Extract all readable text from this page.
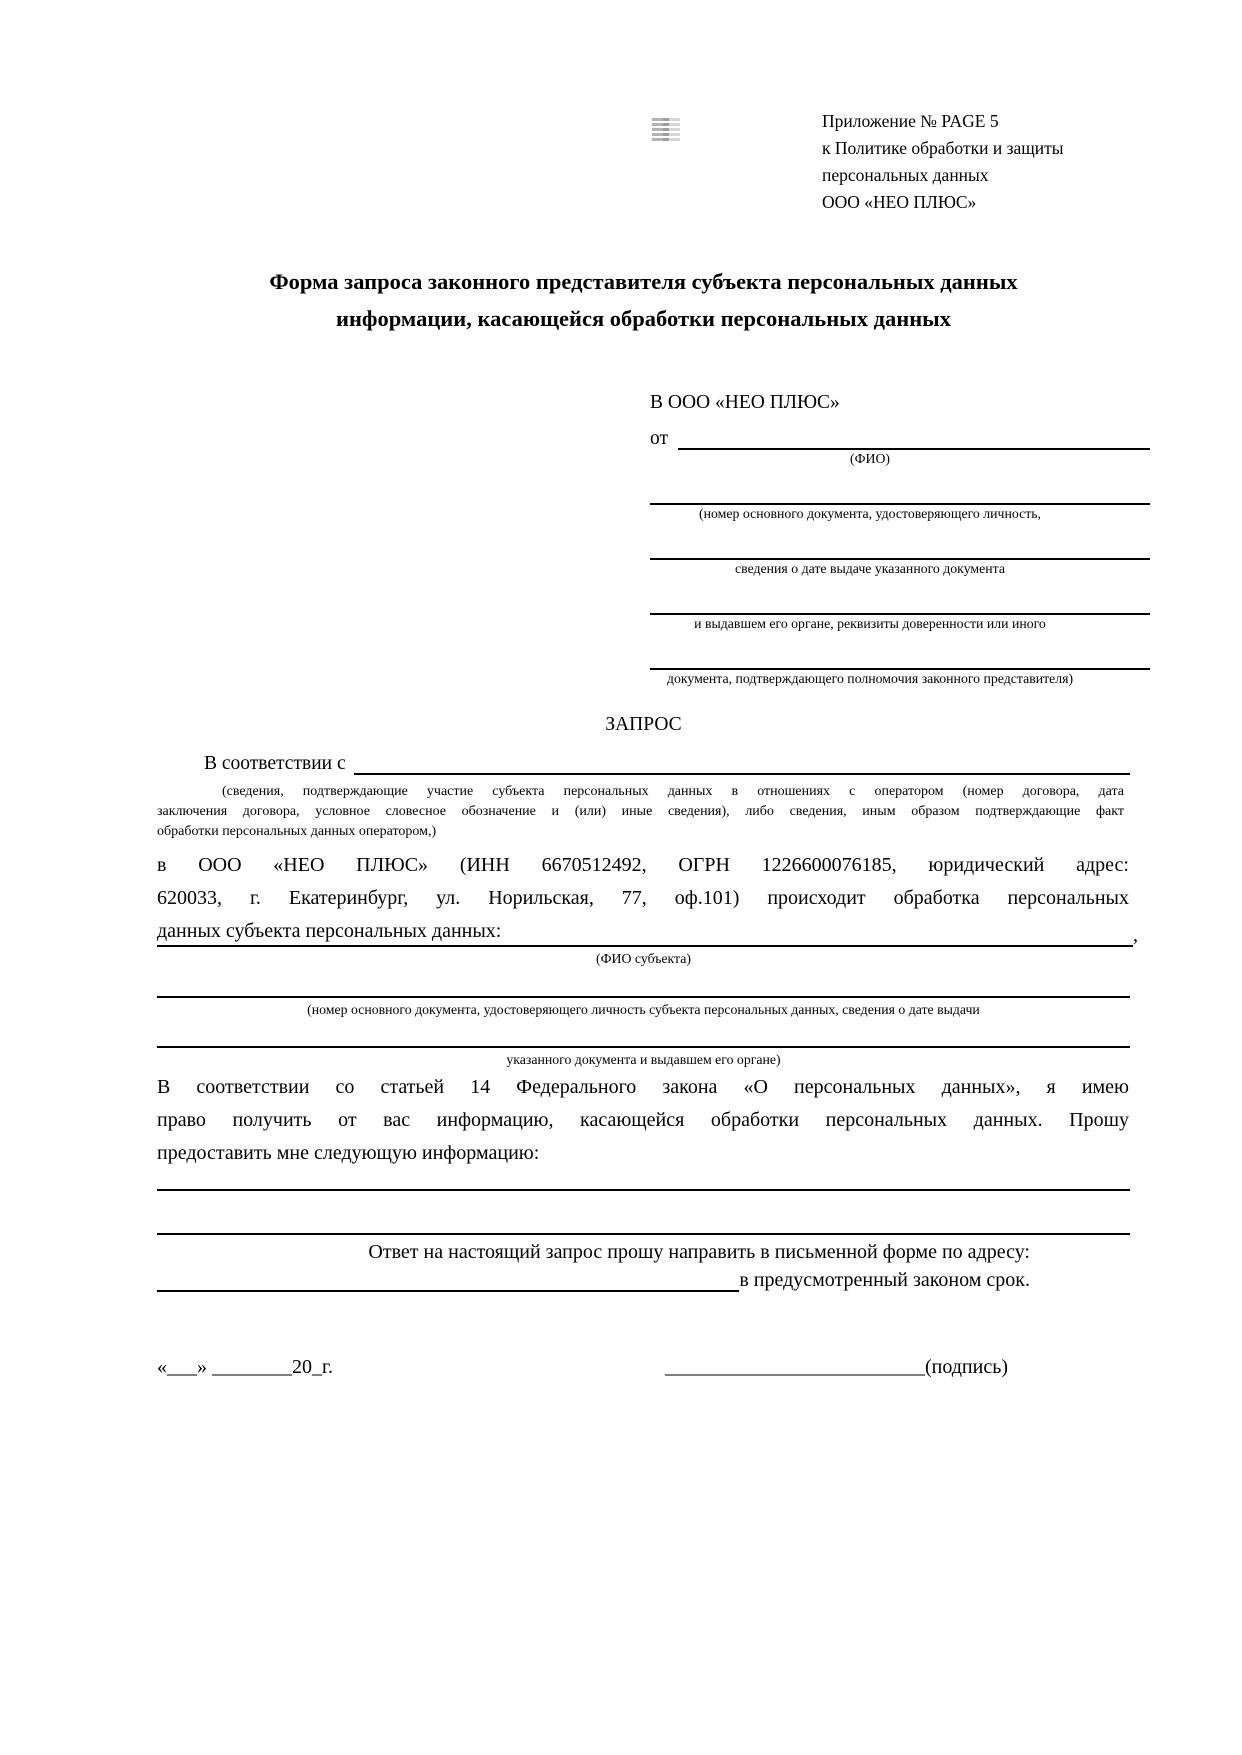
Приложение № PAGE 5
к Политике обработки и защиты
персональных данных
ООО «НЕО ПЛЮС»
Форма запроса законного представителя субъекта персональных данных
информации, касающейся обработки персональных данных
В ООО «НЕО ПЛЮС»
от
(ФИО)
(номер основного документа, удостоверяющего личность,
сведения о дате выдаче указанного документа
и выдавшем его органе, реквизиты доверенности или иного
документа, подтверждающего полномочия законного представителя)
ЗАПРОС
В соответствии с
(сведения, подтверждающие участие субъекта персональных данных в отношениях с оператором (номер договора, дата
заключения договора, условное словесное обозначение и (или) иные сведения), либо сведения, иным образом подтверждающие факт
обработки персональных данных оператором,)
в ООО «НЕО ПЛЮС» (ИНН 6670512492, ОГРН 1226600076185, юридический адрес:
620033, г. Екатеринбург, ул. Норильская, 77, оф.101) происходит обработка персональных
данных субъекта персональных данных:	,
(ФИО субъекта)
(номер основного документа, удостоверяющего личность субъекта персональных данных, сведения о дате выдачи
указанного документа и выдавшем его органе)
В соответствии со статьей 14 Федерального закона «О персональных данных», я имею
право получить от вас информацию, касающейся обработки персональных данных. Прошу
предоставить мне следующую информацию:
Ответ на настоящий запрос прошу направить в письменной форме по адресу:
в предусмотренный законом срок.
«___» ________20_г.	__________________________(подпись)
